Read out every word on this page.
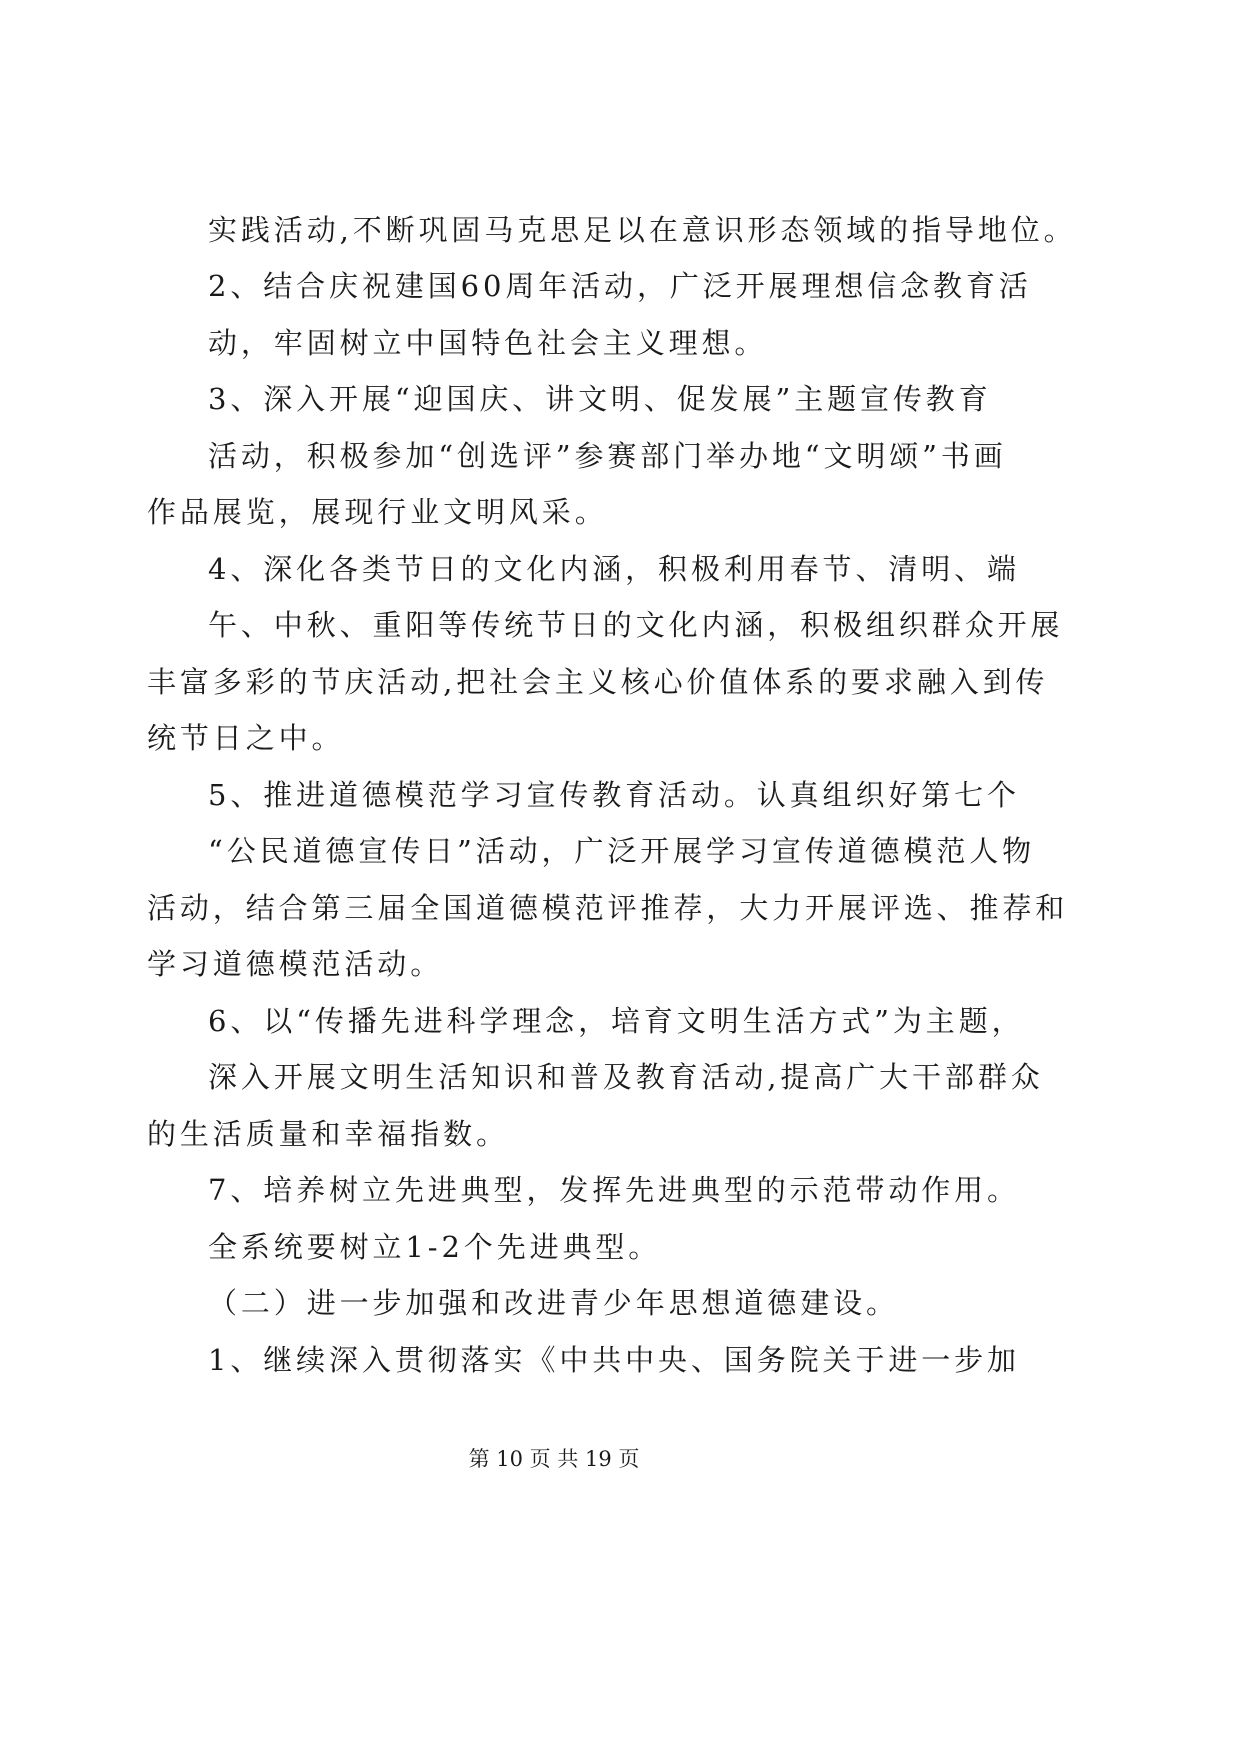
实践活动,不断巩固马克思足以在意识形态领域的指导地位。
2、结合庆祝建国60周年活动，广泛开展理想信念教育活
动，牢固树立中国特色社会主义理想。
3、深入开展“迎国庆、讲文明、促发展”主题宣传教育
活动，积极参加“创选评”参赛部门举办地“文明颂”书画
作品展览，展现行业文明风采。
4、深化各类节日的文化内涵，积极利用春节、清明、端
午、中秋、重阳等传统节日的文化内涵，积极组织群众开展
丰富多彩的节庆活动,把社会主义核心价值体系的要求融入到传
统节日之中。
5、推进道德模范学习宣传教育活动。认真组织好第七个
“公民道德宣传日”活动，广泛开展学习宣传道德模范人物
活动，结合第三届全国道德模范评推荐，大力开展评选、推荐和
学习道德模范活动。
6、以“传播先进科学理念，培育文明生活方式”为主题，
深入开展文明生活知识和普及教育活动,提高广大干部群众
的生活质量和幸福指数。
7、培养树立先进典型，发挥先进典型的示范带动作用。
全系统要树立1-2个先进典型。
（二）进一步加强和改进青少年思想道德建设。
1、继续深入贯彻落实《中共中央、国务院关于进一步加
第 10 页 共 19 页
